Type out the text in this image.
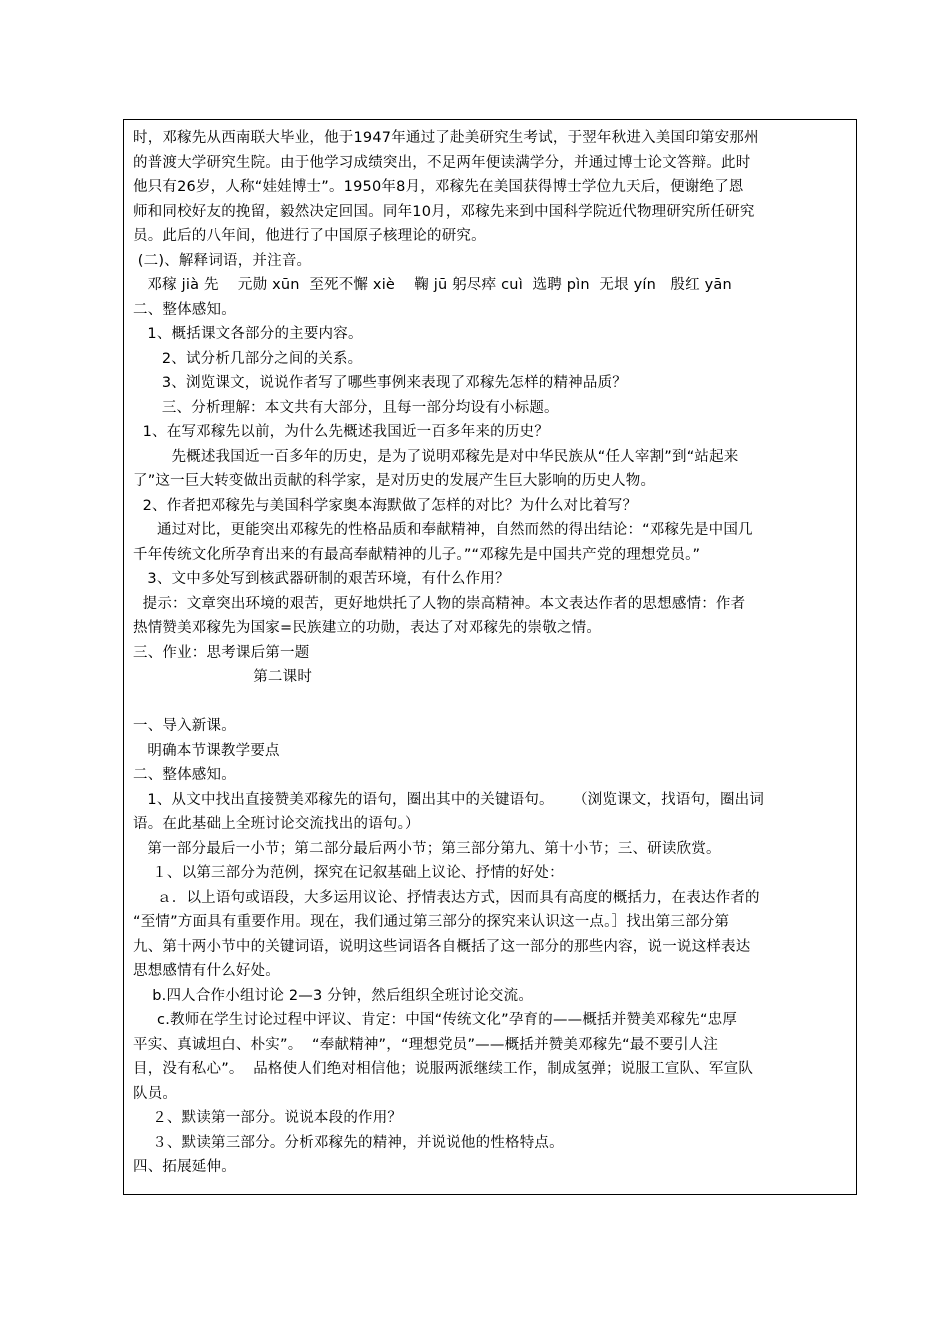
时，邓稼先从西南联大毕业，他于1947年通过了赴美研究生考试，于翌年秋进入美国印第安那州
的普渡大学研究生院。由于他学习成绩突出，不足两年便读满学分，并通过博士论文答辩。此时
他只有26岁，人称“娃娃博士”。1950年8月，邓稼先在美国获得博士学位九天后，便谢绝了恩
师和同校好友的挽留，毅然决定回国。同年10月，邓稼先来到中国科学院近代物理研究所任研究
员。此后的八年间，他进行了中国原子核理论的研究。
(二)、解释词语，并注音。
邓稼 jià 先    元勋 xūn  至死不懈 xiè    鞠 jū 躬尽瘁 cuì  选聘 pìn  无垠 yín   殷红 yān
二、整体感知。
1、概括课文各部分的主要内容。
2、试分析几部分之间的关系。
3、浏览课文，说说作者写了哪些事例来表现了邓稼先怎样的精神品质？
三、分析理解：本文共有大部分，且每一部分均设有小标题。
1、在写邓稼先以前，为什么先概述我国近一百多年来的历史？
先概述我国近一百多年的历史，是为了说明邓稼先是对中华民族从“任人宰割”到“站起来
了”这一巨大转变做出贡献的科学家，是对历史的发展产生巨大影响的历史人物。
2、作者把邓稼先与美国科学家奥本海默做了怎样的对比？为什么对比着写？
通过对比，更能突出邓稼先的性格品质和奉献精神，自然而然的得出结论：“邓稼先是中国几
千年传统文化所孕育出来的有最高奉献精神的儿子。”“邓稼先是中国共产党的理想党员。”
3、文中多处写到核武器研制的艰苦环境，有什么作用？
提示：文章突出环境的艰苦，更好地烘托了人物的崇高精神。本文表达作者的思想感情：作者
热情赞美邓稼先为国家=民族建立的功勋，表达了对邓稼先的崇敬之情。
三、作业：思考课后第一题
第二课时
一、导入新课。
明确本节课教学要点
二、整体感知。
1、从文中找出直接赞美邓稼先的语句，圈出其中的关键语句。    （浏览课文，找语句，圈出词
语。在此基础上全班讨论交流找出的语句。）
第一部分最后一小节；第二部分最后两小节；第三部分第九、第十小节；三、研读欣赏。
１、以第三部分为范例，探究在记叙基础上议论、抒情的好处：
ａ．以上语句或语段，大多运用议论、抒情表达方式，因而具有高度的概括力，在表达作者的
“至情”方面具有重要作用。现在，我们通过第三部分的探究来认识这一点。］找出第三部分第
九、第十两小节中的关键词语，说明这些词语各自概括了这一部分的那些内容，说一说这样表达
思想感情有什么好处。
b.四人合作小组讨论 2—3 分钟，然后组织全班讨论交流。
c.教师在学生讨论过程中评议、肯定：中国“传统文化”孕育的——概括并赞美邓稼先“忠厚
平实、真诚坦白、朴实”。  “奉献精神”，“理想党员”——概括并赞美邓稼先“最不要引人注
目，没有私心”。  品格使人们绝对相信他；说服两派继续工作，制成氢弹；说服工宣队、军宣队
队员。
２、默读第一部分。说说本段的作用？
３、默读第三部分。分析邓稼先的精神，并说说他的性格特点。
四、拓展延伸。
